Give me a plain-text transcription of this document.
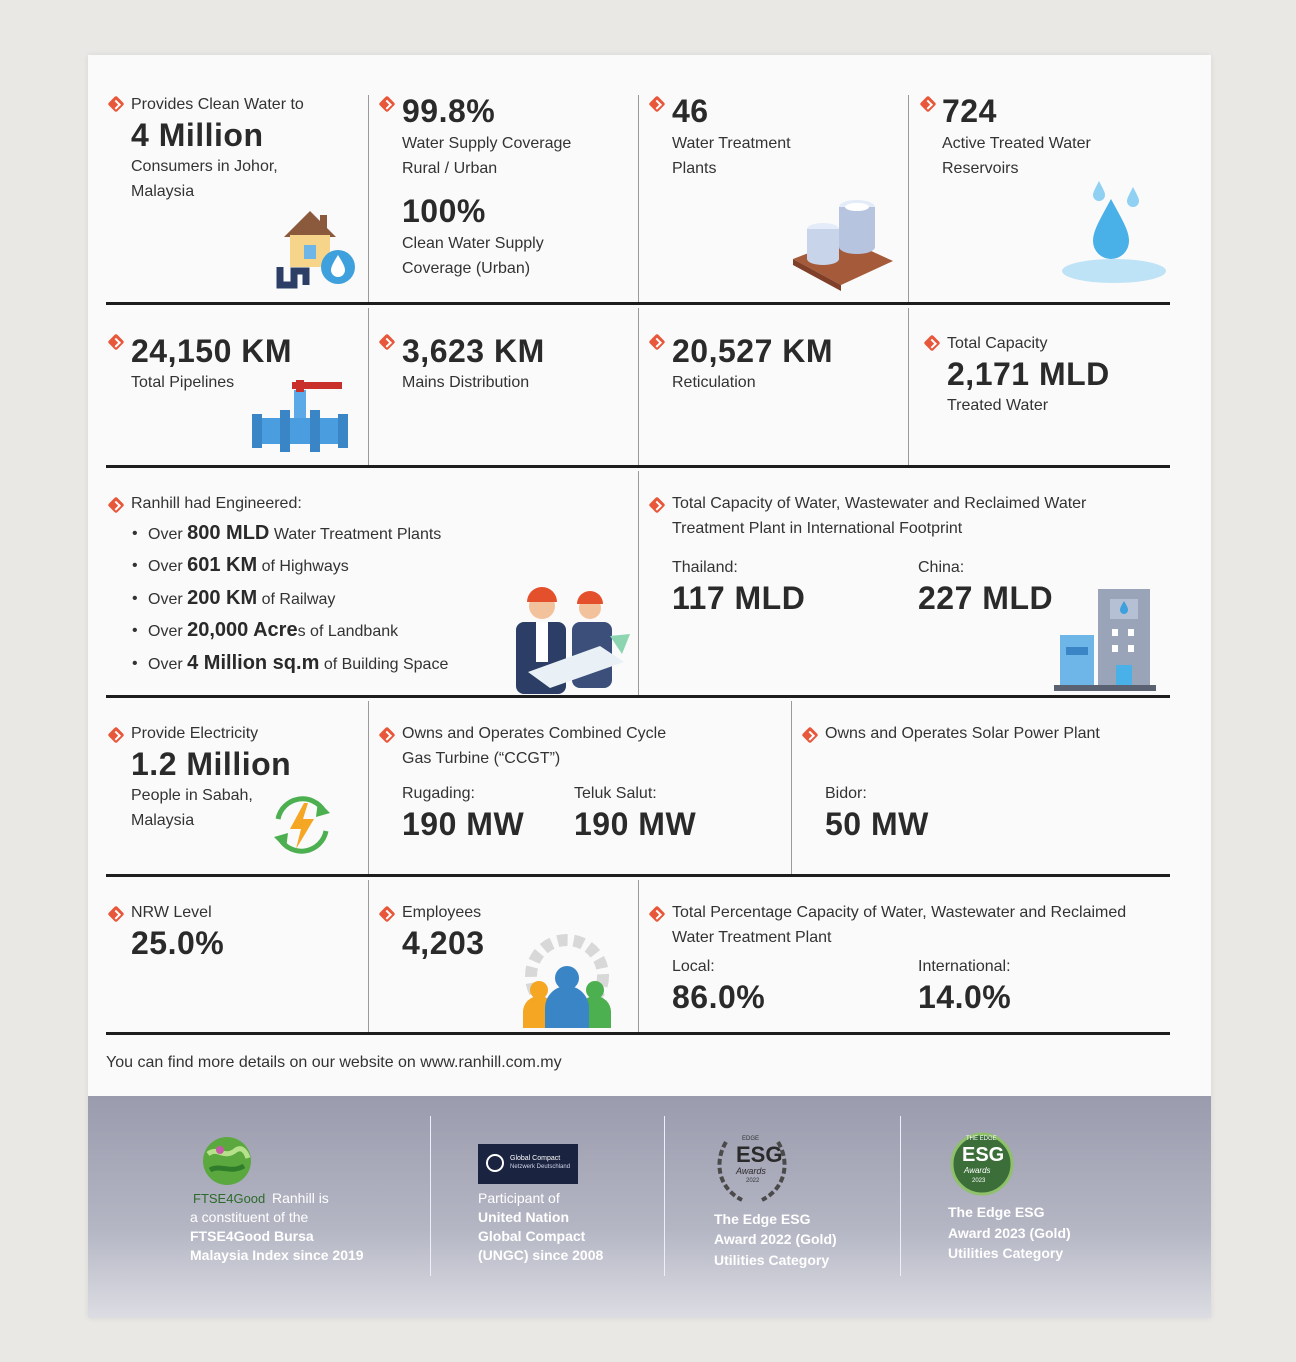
Provides Clean Water to
4 Million
Consumers in Johor,
Malaysia
99.8%
Water Supply Coverage
Rural / Urban
100%
Clean Water Supply
Coverage (Urban)
46
Water Treatment
Plants
724
Active Treated Water
Reservoirs
24,150 KM
Total Pipelines
3,623 KM
Mains Distribution
20,527 KM
Reticulation
Total Capacity
2,171 MLD
Treated Water
Ranhill had Engineered:
• Over 800 MLD Water Treatment Plants
• Over 601 KM of Highways
• Over 200 KM of Railway
• Over 20,000 Acres of Landbank
• Over 4 Million sq.m of Building Space
Total Capacity of Water, Wastewater and Reclaimed Water
Treatment Plant in International Footprint
Thailand:
117 MLD
China:
227 MLD
Provide Electricity
1.2 Million
People in Sabah,
Malaysia
Owns and Operates Combined Cycle
Gas Turbine (“CCGT”)
Rugading:
190 MW
Teluk Salut:
190 MW
Owns and Operates Solar Power Plant
Bidor:
50 MW
NRW Level
25.0%
Employees
4,203
Total Percentage Capacity of Water, Wastewater and Reclaimed
Water Treatment Plant
Local:
86.0%
International:
14.0%
You can find more details on our website on www.ranhill.com.my
FTSE4Good Ranhill is
a constituent of the
FTSE4Good Bursa
Malaysia Index since 2019
Global Compact
Netzwerk Deutschland
Participant of
United Nation
Global Compact
(UNGC) since 2008
EDGE
ESG
Awards
2022
The Edge ESG
Award 2022 (Gold)
Utilities Category
THE EDGE
ESG
Awards
2023
The Edge ESG
Award 2023 (Gold)
Utilities Category
